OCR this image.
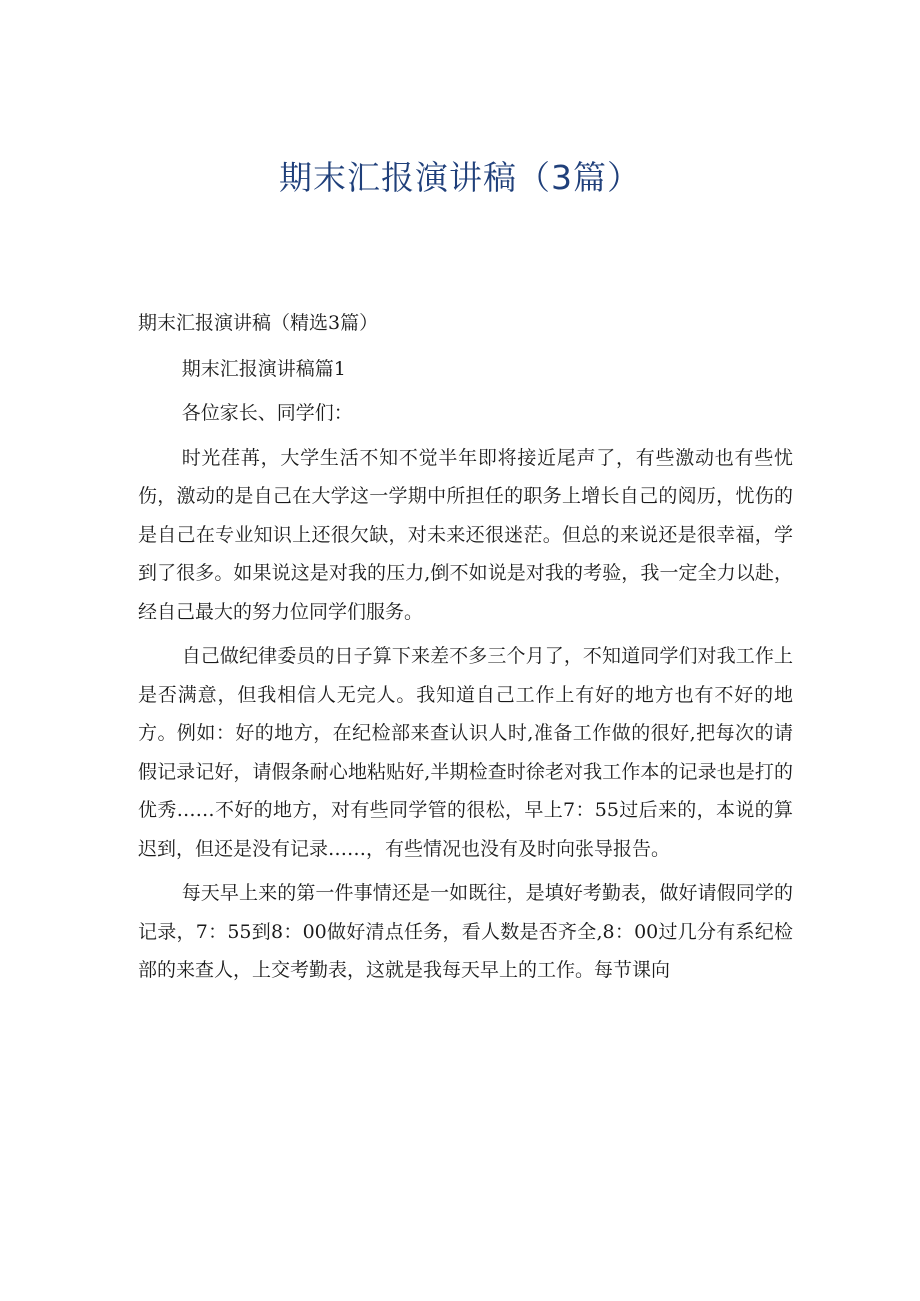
期末汇报演讲稿（3篇）

期末汇报演讲稿（精选3篇）

期末汇报演讲稿篇1

各位家长、同学们：

时光荏苒，大学生活不知不觉半年即将接近尾声了，有些激动也有些忧伤，激动的是自己在大学这一学期中所担任的职务上增长自己的阅历，忧伤的是自己在专业知识上还很欠缺，对未来还很迷茫。但总的来说还是很幸福，学到了很多。如果说这是对我的压力,倒不如说是对我的考验，我一定全力以赴，经自己最大的努力位同学们服务。

自己做纪律委员的日子算下来差不多三个月了，不知道同学们对我工作上是否满意，但我相信人无完人。我知道自己工作上有好的地方也有不好的地方。例如：好的地方，在纪检部来查认识人时,准备工作做的很好,把每次的请假记录记好，请假条耐心地粘贴好,半期检查时徐老对我工作本的记录也是打的优秀……不好的地方，对有些同学管的很松，早上7：55过后来的，本说的算迟到，但还是没有记录……，有些情况也没有及时向张导报告。

每天早上来的第一件事情还是一如既往，是填好考勤表，做好请假同学的记录，7：55到8：00做好清点任务，看人数是否齐全,8：00过几分有系纪检部的来查人，上交考勤表，这就是我每天早上的工作。每节课向
